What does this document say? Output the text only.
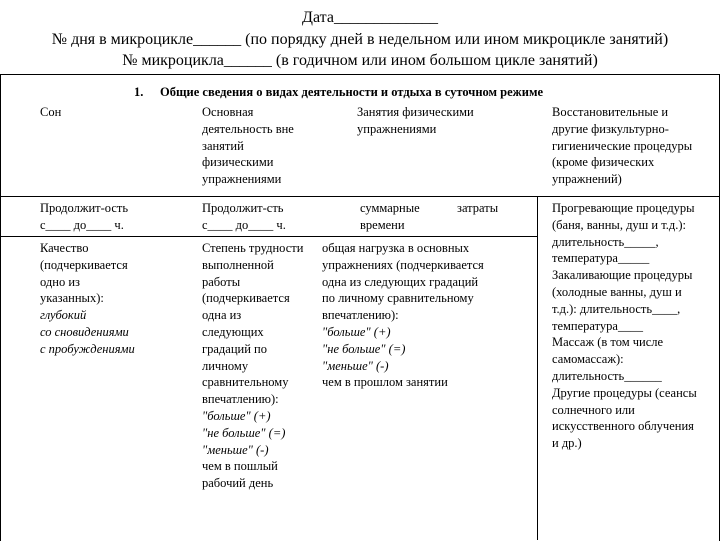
Дата_____________
№ дня в микроцикле______ (по порядку дней в недельном или ином микроцикле занятий)
№ микроцикла______ (в годичном или ином большом цикле занятий)
1. Общие сведения о видах деятельности и отдыха в суточном режиме
Сон	Основная
деятельность вне
занятий
физическими
упражнениями
Занятия физическими
упражнениями
Восстановительные и
другие физкультурно-
гигиенические процедуры
(кроме физических
упражнений)
Продолжит-ость
с____ до____ ч.
Продолжит-сть
с____ до____ ч.
суммарные	затраты
времени
Прогревающие процедуры
(баня, ванны, душ и т.д.):
длительность_____,
температура_____
Закаливающие процедуры
(холодные ванны, душ и
т.д.): длительность____,
температура____
Массаж (в том числе
самомассаж):
длительность______
Другие процедуры (сеансы
солнечного или
искусственного облучения
и др.)
Качество
(подчеркивается
одно из
указанных):
глубокий
со сновидениями
с пробуждениями
Степень трудности
выполненной
работы
(подчеркивается
одна из
следующих
градаций по
личному
сравнительному
впечатлению):
"больше" (+)
"не больше" (=)
"меньше" (-)
чем в пошлый
рабочий день
общая нагрузка в основных
упражнениях (подчеркивается
одна из следующих градаций
по личному сравнительному
впечатлению):
"больше" (+)
"не больше" (=)
"меньше" (-)
чем в прошлом занятии
